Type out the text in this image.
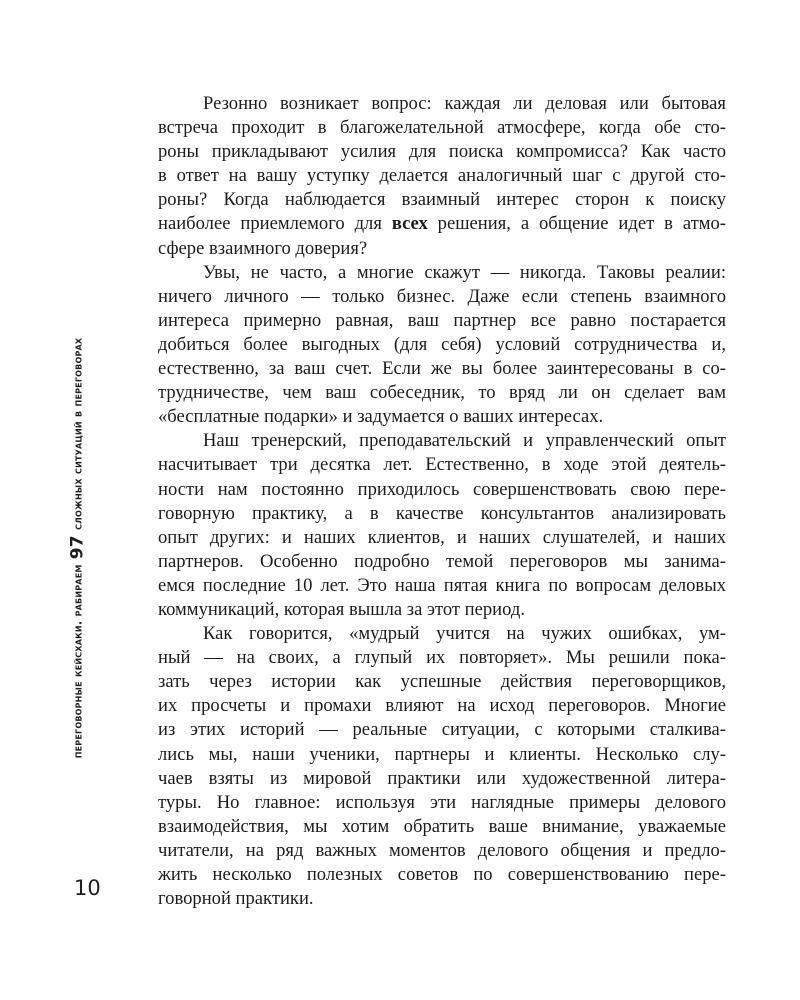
переговорные кейсхаки. рабираем 97 сложных ситуаций в переговорах
10
Резонно возникает вопрос: каждая ли деловая или бытовая
встреча проходит в благожелательной атмосфере, когда обе сто-
роны прикладывают усилия для поиска компромисса? Как часто
в ответ на вашу уступку делается аналогичный шаг с другой сто-
роны? Когда наблюдается взаимный интерес сторон к поиску
наиболее приемлемого для всех решения, а общение идет в атмо-
сфере взаимного доверия?
Увы, не часто, а многие скажут — никогда. Таковы реалии:
ничего личного — только бизнес. Даже если степень взаимного
интереса примерно равная, ваш партнер все равно постарается
добиться более выгодных (для себя) условий сотрудничества и,
естественно, за ваш счет. Если же вы более заинтересованы в со-
трудничестве, чем ваш собеседник, то вряд ли он сделает вам
«бесплатные подарки» и задумается о ваших интересах.
Наш тренерский, преподавательский и управленческий опыт
насчитывает три десятка лет. Естественно, в ходе этой деятель-
ности нам постоянно приходилось совершенствовать свою пере-
говорную практику, а в качестве консультантов анализировать
опыт других: и наших клиентов, и наших слушателей, и наших
партнеров. Особенно подробно темой переговоров мы занима-
емся последние 10 лет. Это наша пятая книга по вопросам деловых
коммуникаций, которая вышла за этот период.
Как говорится, «мудрый учится на чужих ошибках, ум-
ный — на своих, а глупый их повторяет». Мы решили пока-
зать через истории как успешные действия переговорщиков,
их просчеты и промахи влияют на исход переговоров. Многие
из этих историй — реальные ситуации, с которыми сталкива-
лись мы, наши ученики, партнеры и клиенты. Несколько слу-
чаев взяты из мировой практики или художественной литера-
туры. Но главное: используя эти наглядные примеры делового
взаимодействия, мы хотим обратить ваше внимание, уважаемые
читатели, на ряд важных моментов делового общения и предло-
жить несколько полезных советов по совершенствованию пере-
говорной практики.
